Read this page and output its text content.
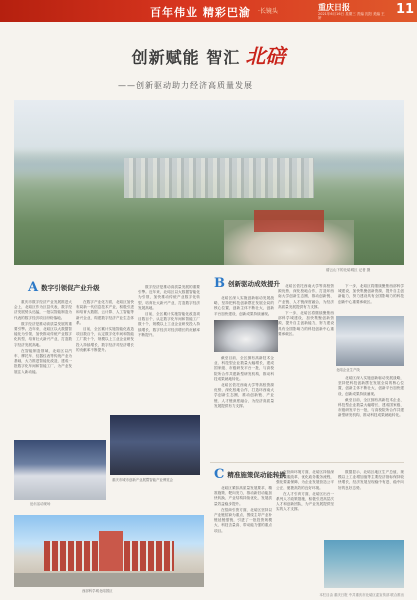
百年伟业 精彩巴渝 ·长镜头	重庆日报
2021年6月16日 星期三 责编 沈阳 美编 王妍
11
创新赋能 智汇 北碚
——创新驱动助力经济高质量发展
缙云山下的北碚城区 记者 摄
A 数字引领促产业升级

重庆市数字经济产业发展推进大会上，北碚区作为区县代表，数字经济发展势头迅猛，一批以智能制造为代表的数字经济项目纷纷落地。

数字经济是推动高质量发展的重要引擎。近年来，北碚区以大数据智能化为引领，加快推动传统产业数字化转型，培育壮大新兴产业，打造数字经济发展高地。

在智能制造领域，北碚区以汽车、摩托车、仪器仪表等传统产业为基础，大力推进智能化改造，建成一批数字化车间和智能工厂，为产业发展注入新动能。

在数字产业化方面，北碚区加快布局新一代信息技术产业，积极引进和培育大数据、云计算、人工智能等新兴企业，构建数字经济产业生态体系。

目前，全区累计实施智能化改造项目数百个，认定数字化车间和智能工厂数十个，规模以上工业企业研发投入持续增长，数字经济对经济增长的贡献率不断提升。

数字经济是推动高质量发展的重要引擎。近年来，北碚区以大数据智能化为引领，加快推动传统产业数字化转型，培育壮大新兴产业，打造数字经济发展高地。

目前，全区累计实施智能化改造项目数百个，认定数字化车间和智能工厂数十个，规模以上工业企业研发投入持续增长，数字经济对经济增长的贡献率不断提升。

论坛活动现场
重庆市城市创新产业展暨智能产业博览会
B 创新驱动成效提升

北碚区深入实施创新驱动发展战略，坚持把科技创新摆在发展全局的核心位置，创新主体不断壮大，创新平台加快建设，创新成果持续涌现。

截至目前，全区拥有高新技术企业、科技型企业数量大幅增长，建成国家级、市级研发平台一批，与高校院所合作共建新型研发机构，推动科技成果就地转化。

北碚区依托西南大学等高校资源优势，深化校地合作，打造环西南大学创新生态圈，推动创新链、产业链、人才链深度融合，为经济高质量发展提供有力支撑。

北碚区依托西南大学等高校资源优势，深化校地合作，打造环西南大学创新生态圈，推动创新链、产业链、人才链深度融合，为经济高质量发展提供有力支撑。

下一步，北碚区将继续聚焦西部科学城建设，加快集聚创新资源，提升自主创新能力，努力建设具有全国影响力的科技创新中心重要承载区。

下一步，北碚区将继续聚焦西部科学城建设，加快集聚创新资源，提升自主创新能力，努力建设具有全国影响力的科技创新中心重要承载区。

北碚企业生产线

北碚区深入实施创新驱动发展战略，坚持把科技创新摆在发展全局的核心位置，创新主体不断壮大，创新平台加快建设，创新成果持续涌现。

截至目前，全区拥有高新技术企业、科技型企业数量大幅增长，建成国家级、市级研发平台一批，与高校院所合作共建新型研发机构，推动科技成果就地转化。

C 精准施策促动能转换

北碚区紧扣高质量发展要求，精准施策、靶向发力，推动新旧动能加快转换，产业结构持续优化，发展质量效益稳步提升。

在招商引资方面，北碚区坚持以产业链招商为重点，围绕主导产业补链延链强链，引进了一批投资规模大、科技含量高、带动能力强的重点项目。

在营商环境方面，北碚区持续深化放管服改革，优化政务服务流程，强化要素保障，为企业发展营造公平公正、便捷高效的良好环境。

在人才引育方面，北碚区出台一系列人才政策措施，积极引进高层次人才和创新团队，为产业发展提供坚实的人才支撑。

数据显示，北碚区地区生产总值、规模以上工业增加值等主要经济指标保持较快增长，经济发展呈现稳中有进、稳中向好的良好态势。

西部科学城北碚园区
本栏目由 重庆日报 中共重庆市北碚区委宣传部 联合推出
